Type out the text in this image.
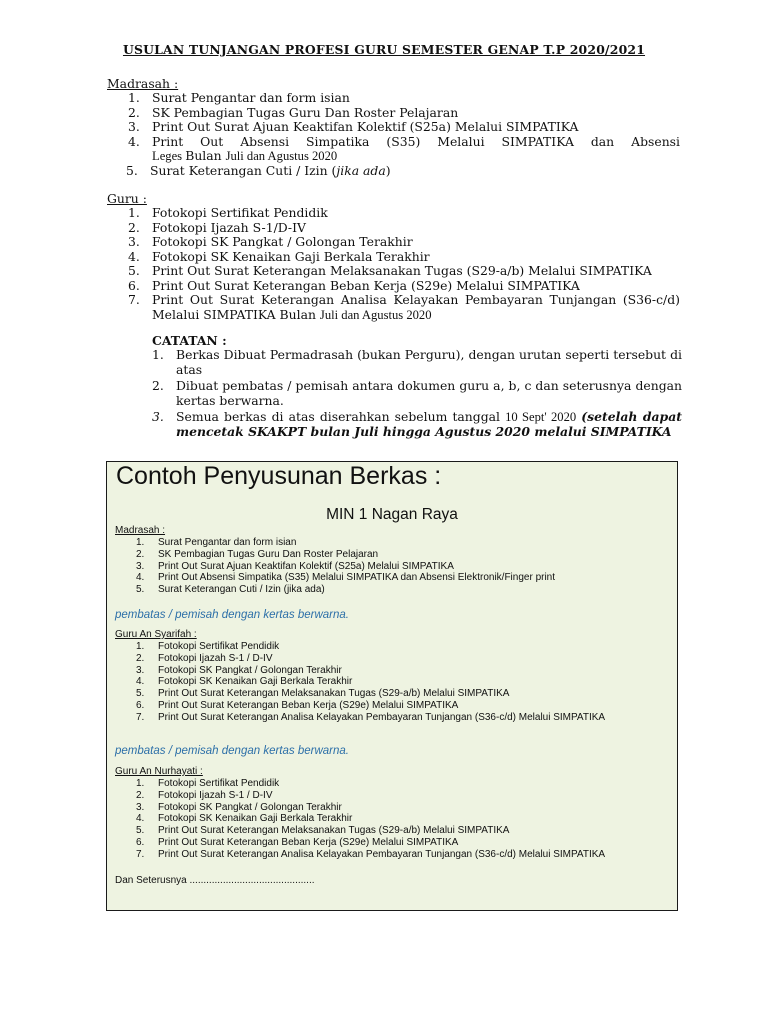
USULAN TUNJANGAN PROFESI GURU SEMESTER GENAP T.P 2020/2021
Madrasah :
1. Surat Pengantar dan form isian
2. SK Pembagian Tugas Guru Dan Roster Pelajaran
3. Print Out Surat Ajuan Keaktifan Kolektif (S25a) Melalui SIMPATIKA
4. Print Out Absensi Simpatika (S35) Melalui SIMPATIKA dan Absensi
Leges Bulan Juli dan Agustus 2020
5. Surat Keterangan Cuti / Izin (jika ada)
Guru :
1. Fotokopi Sertifikat Pendidik
2. Fotokopi Ijazah S-1/D-IV
3. Fotokopi SK Pangkat / Golongan Terakhir
4. Fotokopi SK Kenaikan Gaji Berkala Terakhir
5. Print Out Surat Keterangan Melaksanakan Tugas (S29-a/b) Melalui SIMPATIKA
6. Print Out Surat Keterangan Beban Kerja (S29e) Melalui SIMPATIKA
7. Print Out Surat Keterangan Analisa Kelayakan Pembayaran Tunjangan (S36-c/d)
Melalui SIMPATIKA Bulan Juli dan Agustus 2020
CATATAN :
1. Berkas Dibuat Permadrasah (bukan Perguru), dengan urutan seperti tersebut di atas
2. Dibuat pembatas / pemisah antara dokumen guru a, b, c dan seterusnya dengan kertas berwarna.
3. Semua berkas di atas diserahkan sebelum tanggal 10 Sept' 2020 (setelah dapat mencetak SKAKPT bulan Juli hingga Agustus 2020 melalui SIMPATIKA
Contoh Penyusunan Berkas :
MIN 1 Nagan Raya
Madrasah :
1. Surat Pengantar dan form isian
2. SK Pembagian Tugas Guru Dan Roster Pelajaran
3. Print Out Surat Ajuan Keaktifan Kolektif (S25a) Melalui SIMPATIKA
4. Print Out Absensi Simpatika (S35) Melalui SIMPATIKA dan Absensi Elektronik/Finger print
5. Surat Keterangan Cuti / Izin (jika ada)
pembatas / pemisah dengan kertas berwarna.
Guru An Syarifah :
1. Fotokopi Sertifikat Pendidik
2. Fotokopi Ijazah S-1 / D-IV
3. Fotokopi SK Pangkat / Golongan Terakhir
4. Fotokopi SK Kenaikan Gaji Berkala Terakhir
5. Print Out Surat Keterangan Melaksanakan Tugas (S29-a/b) Melalui SIMPATIKA
6. Print Out Surat Keterangan Beban Kerja (S29e) Melalui SIMPATIKA
7. Print Out Surat Keterangan Analisa Kelayakan Pembayaran Tunjangan (S36-c/d) Melalui SIMPATIKA
pembatas / pemisah dengan kertas berwarna.
Guru An Nurhayati :
1. Fotokopi Sertifikat Pendidik
2. Fotokopi Ijazah S-1 / D-IV
3. Fotokopi SK Pangkat / Golongan Terakhir
4. Fotokopi SK Kenaikan Gaji Berkala Terakhir
5. Print Out Surat Keterangan Melaksanakan Tugas (S29-a/b) Melalui SIMPATIKA
6. Print Out Surat Keterangan Beban Kerja (S29e) Melalui SIMPATIKA
7. Print Out Surat Keterangan Analisa Kelayakan Pembayaran Tunjangan (S36-c/d) Melalui SIMPATIKA
Dan Seterusnya .............................................
